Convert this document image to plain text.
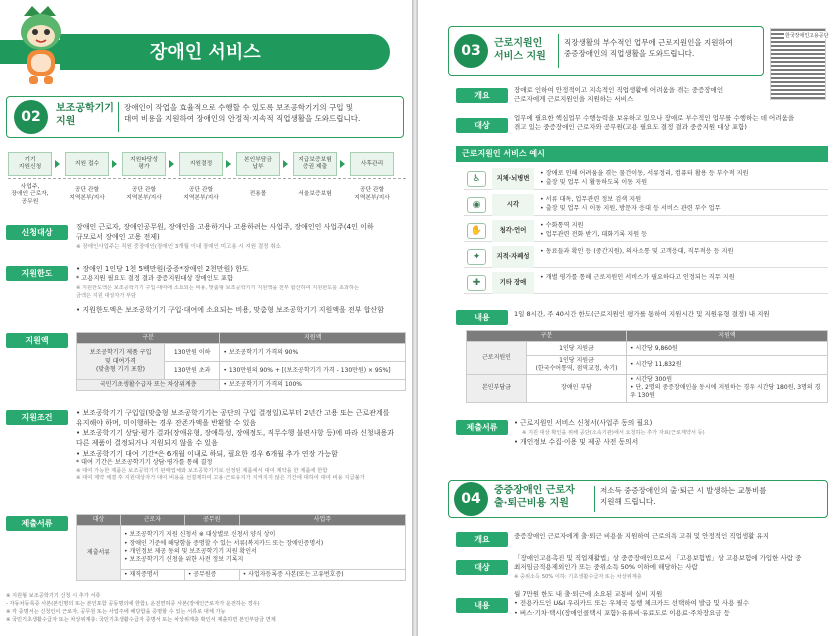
장애인 서비스
02
보조공학기기
지원
장애인이 작업을 효율적으로 수행할 수 있도록 보조공학기기의 구입 및
대여 비용을 지원하여 장애인의 안정적·지속적 직업생활을 도와드립니다.
기기
지원신청
사업주,
장애인 근로자,
공무원
지원 접수
공단 관할
지역본부/지사
지원타당성
평가
공단 관할
지역본부/지사
지원결정
공단 관할
지역본부/지사
본인부담금
납부
전용몰
지급보증보험
증권 제출
서울보증보험
사후관리
공단 관할
지역본부/지사
신청대상
장애인 근로자, 장애인공무원, 장애인을 고용하거나 고용하려는 사업주, 장애인인 사업주(4인 이하
규모로서 장애인 고용 전제)
※ 장애인사업주는 직원 중장애인(장애인 3개월 이내 장애인 미고용 시 지원 결정 취소
지원한도	• 장애인 1인당 1천 5백만원(중증*장애인 2천만원) 한도
* 고용지원 필요도 결정 결과 중증지원대상 장애인도 포함
※ 지원한도액은 보조공학기기 구입·대여에 소요되는 비용, 맞춤형 보조공학기기 지원액을 전부 합산하여 지원한도를 초과하는
금액은 지원 대상자가 부담
• 지원한도액은 보조공학기기 구입·대여에 소요되는 비용, 맞춤형 보조공학기기 지원액을 전부 합산함
지원액	구분		지원액
보조공학기기 제품 구입
및 대여가격
(맞춤형 기기 포함)	130만원 이하	• 보조공학기기 가격의 90%
	130만원 초과	• 130만원의 90% + [(보조공학기기 가격 - 130만원) × 95%]
국민기초생활수급자 또는 차상위계층		• 보조공학기기 가격의 100%
지원조건	• 보조공학기기 구입일(맞춤형 보조공학기기는 공단의 구입 결정일)로부터 2년간 고용 또는 근로관계를
유지해야 하며, 미이행하는 경우 잔존가액을 반환할 수 있음
• 보조공학기기 상담·평가 결과(장애유형, 장애특성, 장애정도, 직무수행 불편사항 등)에 따라 신청내용과
다른 제품이 결정되거나 지원되지 않을 수 있음
• 보조공학기기 대여 기간*은 6개월 이내로 하되, 필요한 경우 6개월 추가 연장 가능함
* 대여 기간은 보조공학기기 상담·평가를 통해 결정
※ 대여 가능한 제품은 보조공학기기 판매업체와 보조공학기기로 선정된 제품에서 대여 계약을 한 제품에 한함
※ 대여 계약 체결 후 지원대상자가 대여 비용을 선결제하여 고용·근로유지가 지켜지지 않은 기간에 대하여 대여 비용 지급불가
제출서류	대상	근로자	공무원	사업주
제출서류	• 보조공학기기 지원 신청서 ※ 대상별로 신청서 양식 상이
• 장애인 기준에 해당함을 증명할 수 있는 서류(복지카드 또는 장애인증명서)
• 개인정보 제공 동의 및 보조공학기기 지원 확인서
• 보조공학기기 신청을 위한 사전 정보 기록지		
	• 재직증명서	• 공무원증	• 사업자등록증 사본(또는 고유번호증)
※ 지원형 보조공학기기 신청 시 추가 서류
- 자동차등록증 사본(본인명의 또는 본인포함 공동명의에 한함), 운전면허증 사본(장애인근로자가 운전하는 경우)
※ 각 증명서는 신청인이 근로자, 공무원 또는 사업주에 해당함을 증명할 수 있는 서류로 대체 가능
※ 국민기초생활수급자 또는 차상위계층: 국민기초생활수급자 증명서 또는 차상위계층 확인서 제출하면 본인부담금 면제
03	근로지원인
서비스 지원
직장생활의 부수적인 업무에 근로지원인을 지원하여
중증장애인의 직업생활을 도와드립니다.
한국장애인고용공단
개요
장애로 인하여 안정적이고 지속적인 직업생활에 어려움을 겪는 중증장애인
근로자에게 근로지원인을 지원하는 서비스
대상
업무에 필요한 핵심업무 수행능력을 보유하고 있으나 장애로 부수적인 업무를 수행하는 데 어려움을
겪고 있는 중증장애인 근로자와 공무원(고용 필요도 결정 결과 중증지원 대상 포함)
근로지원인 서비스 예시
♿	지체·뇌병변
• 장애로 인해 어려움을 겪는 물건이동, 서류정리, 컴퓨터 활용 등 부수적 지원
• 출장 및 업무 시 활동하도록 이동 지원
◉	시각
• 서류 대독, 업무관련 정보 검색 지원
• 출장 및 업무 시 이동 지원, 방문자 응대 등 서비스 관련 부수 업무
✋	청각·언어
• 수화통역 지원
• 업무관련 전화 받기, 대화기록 지원 등
✦	지적·자폐성
• 동료들과 확인 등 (중간지원), 의사소통 및 고객응대, 직무적응 등 지원
✚	기타 장애
• 개별 평가를 통해 근로지원인 서비스가 필요하다고 인정되는 직무 지원
내용	1일 8시간, 주 40시간 한도(근로지원인 평가를 통하여 지원시간 및 지원유형 결정) 내 지원
구분		지원액
근로지원인	1인당 지원금	• 시간당 9,860원
	1인당 지원금
(한국수어통역, 점역교정, 속기)	• 시간당 11,832원
본인부담금	장애인 부담	• 시간당 300원
• 단, 2명의 중증장애인을 동시에 지원하는 경우 시간당 180원, 3명의 경우 130원
제출서류	• 근로지원인 서비스 신청서(사업주 동의 필요)
※ 지원 대상 확인을 위해 공단(소속기관)에서 요청하는 추가 자료(근로계약서 등)
• 개인정보 수집·이용 및 제공 사전 동의서
04
중증장애인 근로자
출·퇴근비용 지원
저소득 중증장애인의 출·퇴근 시 발생하는 교통비를
지원해 드립니다.
개요	중증장애인 근로자에게 출·퇴근 비용을 지원하여 근로의욕 고취 및 안정적인 직업생활 유지
대상
「장애인고용촉진 및 직업재활법」상 중증장애인으로서 「고용보험법」상 고용보험에 가입한 사람 중
최저임금적용제외인가 또는 중위소득 50% 이하에 해당하는 사람
※ 중위소득 50% 이하: 기초생활수급자 또는 차상위계층
내용
월 7만원 한도 내 출·퇴근에 소요된 교통비 실비 지원
• 전용카드인 U&I 우리카드 또는 우체국 동행 체크카드 선택하여 발급 및 사용 필수
• 버스·기차·택시(장애인콜택시 포함)·유류비·유료도로 이용료·주차장요금 등
